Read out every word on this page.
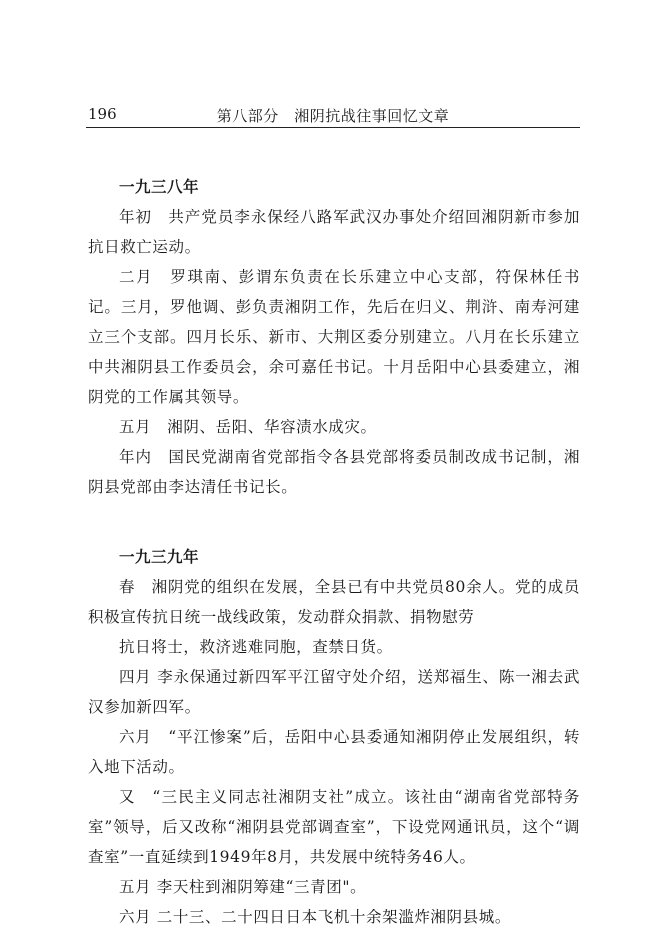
196	第八部分　湘阴抗战往事回忆文章
一九三八年

年初　共产党员李永保经八路军武汉办事处介绍回湘阴新市参加抗日救亡运动。

二月　罗琪南、彭谓东负责在长乐建立中心支部，符保林任书记。三月，罗他调、彭负责湘阴工作，先后在归义、荆浒、南寿河建立三个支部。四月长乐、新市、大荆区委分别建立。八月在长乐建立中共湘阴县工作委员会，余可嘉任书记。十月岳阳中心县委建立，湘阴党的工作属其领导。

五月　湘阴、岳阳、华容渍水成灾。

年内　国民党湖南省党部指令各县党部将委员制改成书记制，湘阴县党部由李达清任书记长。

一九三九年

春　湘阴党的组织在发展，全县已有中共党员80余人。党的成员积极宣传抗日统一战线政策，发动群众捐款、捐物慰劳

抗日将士，救济逃难同胞，查禁日货。

四月 李永保通过新四军平江留守处介绍，送郑福生、陈一湘去武汉参加新四军。

六月　“平江惨案”后，岳阳中心县委通知湘阴停止发展组织，转入地下活动。

又　“三民主义同志社湘阴支社”成立。该社由“湖南省党部特务室”领导，后又改称“湘阴县党部调查室”，下设党网通讯员，这个“调查室”一直延续到1949年8月，共发展中统特务46人。

五月 李天柱到湘阴筹建“三青团"。

六月 二十三、二十四日日本飞机十余架滥炸湘阴县城。
